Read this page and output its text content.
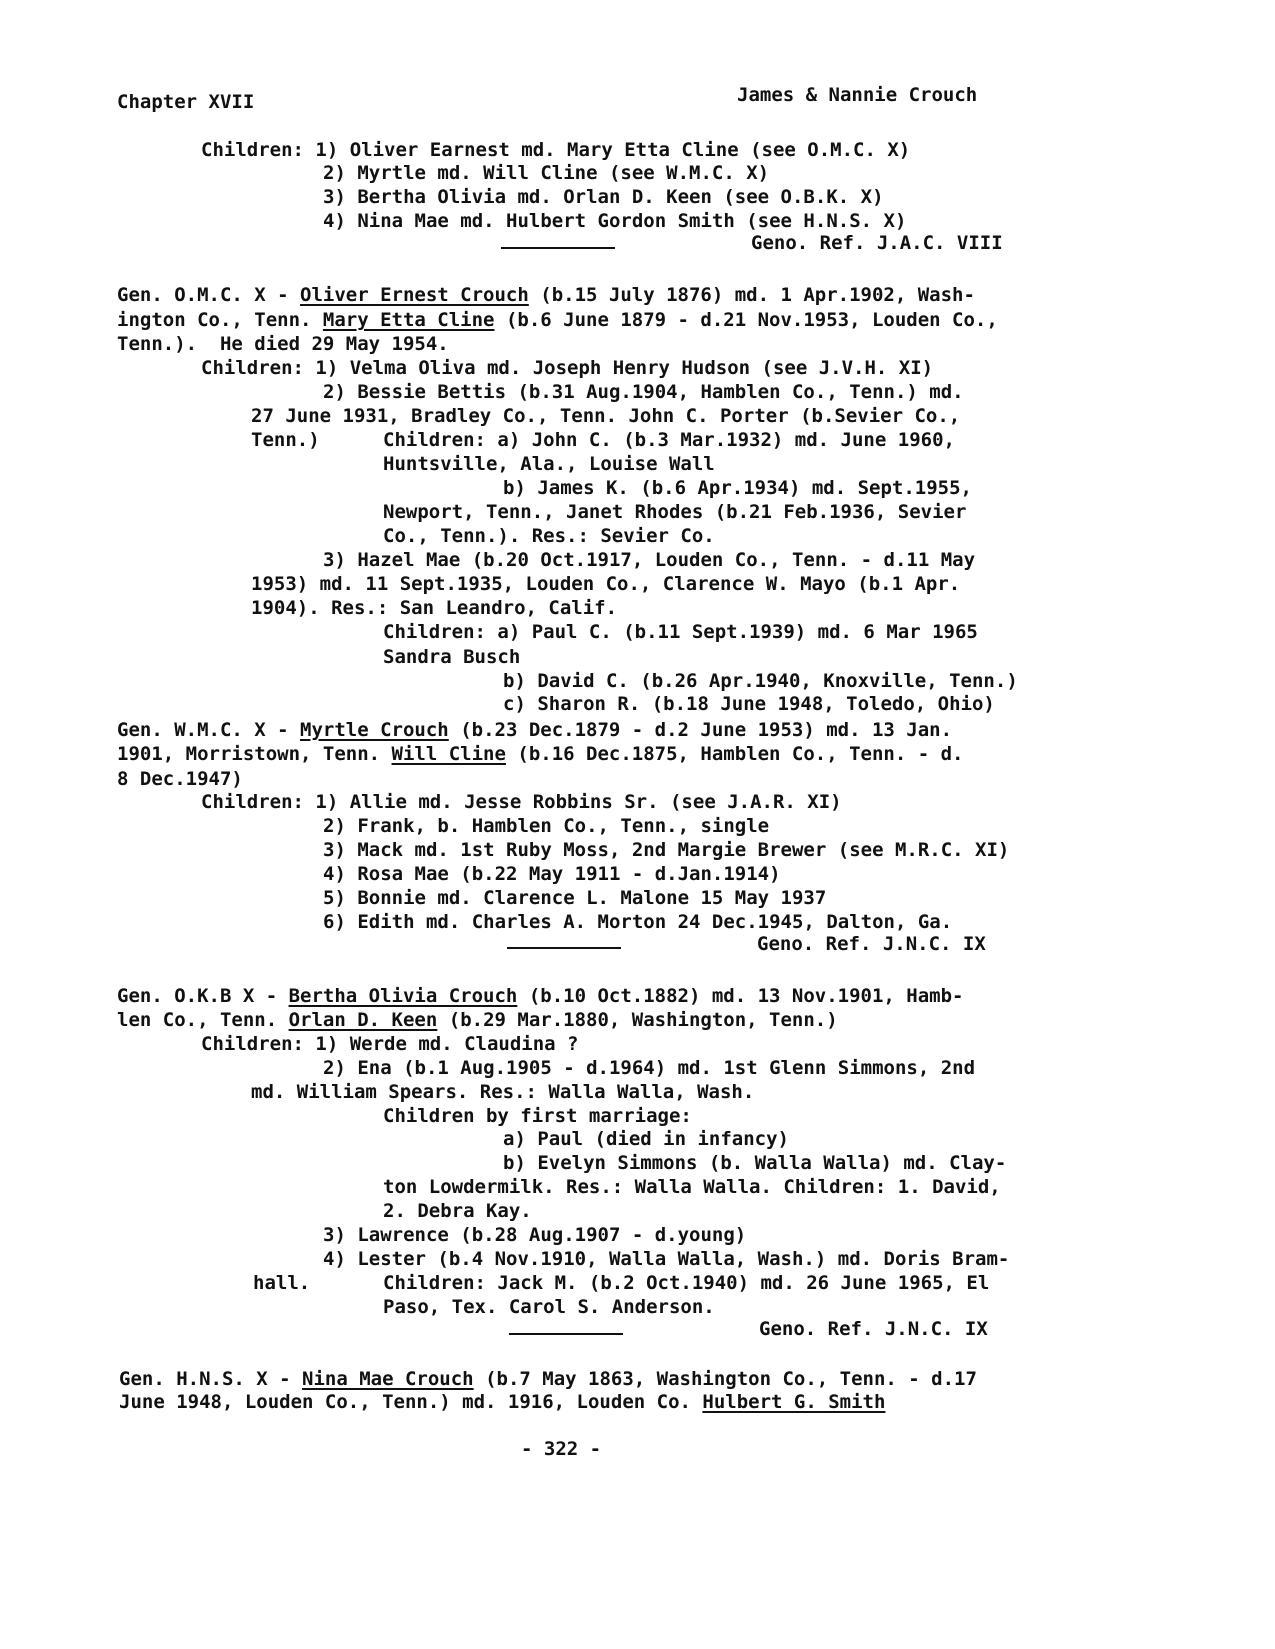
Chapter XVII	James & Nannie Crouch
Children: 1) Oliver Earnest md. Mary Etta Cline (see O.M.C. X)
2) Myrtle md. Will Cline (see W.M.C. X)
3) Bertha Olivia md. Orlan D. Keen (see O.B.K. X)
4) Nina Mae md. Hulbert Gordon Smith (see H.N.S. X)
Geno. Ref. J.A.C. VIII
Gen. O.M.C. X - Oliver Ernest Crouch (b.15 July 1876) md. 1 Apr.1902, Wash-
ington Co., Tenn. Mary Etta Cline (b.6 June 1879 - d.21 Nov.1953, Louden Co.,
Tenn.).  He died 29 May 1954.
Children: 1) Velma Oliva md. Joseph Henry Hudson (see J.V.H. XI)
2) Bessie Bettis (b.31 Aug.1904, Hamblen Co., Tenn.) md.
27 June 1931, Bradley Co., Tenn. John C. Porter (b.Sevier Co.,
Tenn.)	Children: a) John C. (b.3 Mar.1932) md. June 1960,
Huntsville, Ala., Louise Wall
b) James K. (b.6 Apr.1934) md. Sept.1955,
Newport, Tenn., Janet Rhodes (b.21 Feb.1936, Sevier
Co., Tenn.). Res.: Sevier Co.
3) Hazel Mae (b.20 Oct.1917, Louden Co., Tenn. - d.11 May
1953) md. 11 Sept.1935, Louden Co., Clarence W. Mayo (b.1 Apr.
1904). Res.: San Leandro, Calif.
Children: a) Paul C. (b.11 Sept.1939) md. 6 Mar 1965
Sandra Busch
b) David C. (b.26 Apr.1940, Knoxville, Tenn.)
c) Sharon R. (b.18 June 1948, Toledo, Ohio)
Gen. W.M.C. X - Myrtle Crouch (b.23 Dec.1879 - d.2 June 1953) md. 13 Jan.
1901, Morristown, Tenn. Will Cline (b.16 Dec.1875, Hamblen Co., Tenn. - d.
8 Dec.1947)
Children: 1) Allie md. Jesse Robbins Sr. (see J.A.R. XI)
2) Frank, b. Hamblen Co., Tenn., single
3) Mack md. 1st Ruby Moss, 2nd Margie Brewer (see M.R.C. XI)
4) Rosa Mae (b.22 May 1911 - d.Jan.1914)
5) Bonnie md. Clarence L. Malone 15 May 1937
6) Edith md. Charles A. Morton 24 Dec.1945, Dalton, Ga.
Geno. Ref. J.N.C. IX
Gen. O.K.B X - Bertha Olivia Crouch (b.10 Oct.1882) md. 13 Nov.1901, Hamb-
len Co., Tenn. Orlan D. Keen (b.29 Mar.1880, Washington, Tenn.)
Children: 1) Werde md. Claudina ?
2) Ena (b.1 Aug.1905 - d.1964) md. 1st Glenn Simmons, 2nd
md. William Spears. Res.: Walla Walla, Wash.
Children by first marriage:
a) Paul (died in infancy)
b) Evelyn Simmons (b. Walla Walla) md. Clay-
ton Lowdermilk. Res.: Walla Walla. Children: 1. David,
2. Debra Kay.
3) Lawrence (b.28 Aug.1907 - d.young)
4) Lester (b.4 Nov.1910, Walla Walla, Wash.) md. Doris Bram-
hall.	Children: Jack M. (b.2 Oct.1940) md. 26 June 1965, El
Paso, Tex. Carol S. Anderson.
Geno. Ref. J.N.C. IX
Gen. H.N.S. X - Nina Mae Crouch (b.7 May 1863, Washington Co., Tenn. - d.17
June 1948, Louden Co., Tenn.) md. 1916, Louden Co. Hulbert G. Smith
- 322 -
